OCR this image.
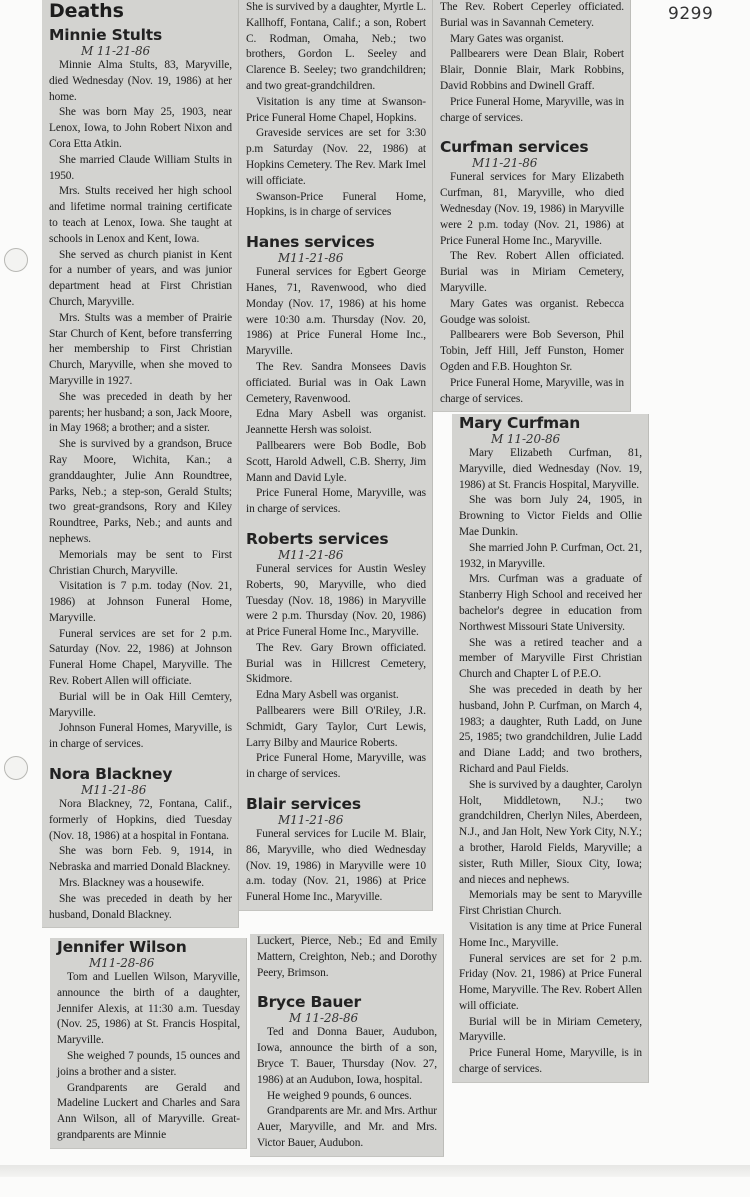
9299
Deaths
Minnie Stults
M 11-21-86

Minnie Alma Stults, 83, Maryville, died Wednesday (Nov. 19, 1986) at her home.

She was born May 25, 1903, near Lenox, Iowa, to John Robert Nixon and Cora Etta Atkin.

She married Claude William Stults in 1950.

Mrs. Stults received her high school and lifetime normal training certificate to teach at Lenox, Iowa. She taught at schools in Lenox and Kent, Iowa.

She served as church pianist in Kent for a number of years, and was junior department head at First Christian Church, Maryville.

Mrs. Stults was a member of Prairie Star Church of Kent, before transferring her membership to First Christian Church, Maryville, when she moved to Maryville in 1927.

She was preceded in death by her parents; her husband; a son, Jack Moore, in May 1968; a brother; and a sister.

She is survived by a grandson, Bruce Ray Moore, Wichita, Kan.; a granddaughter, Julie Ann Roundtree, Parks, Neb.; a step-son, Gerald Stults; two great-grandsons, Rory and Kiley Roundtree, Parks, Neb.; and aunts and nephews.

Memorials may be sent to First Christian Church, Maryville.

Visitation is 7 p.m. today (Nov. 21, 1986) at Johnson Funeral Home, Maryville.

Funeral services are set for 2 p.m. Saturday (Nov. 22, 1986) at Johnson Funeral Home Chapel, Maryville. The Rev. Robert Allen will officiate.

Burial will be in Oak Hill Cemtery, Maryville.

Johnson Funeral Homes, Maryville, is in charge of services.

Nora Blackney
M11-21-86

Nora Blackney, 72, Fontana, Calif., formerly of Hopkins, died Tuesday (Nov. 18, 1986) at a hospital in Fontana.

She was born Feb. 9, 1914, in Nebraska and married Donald Blackney.

Mrs. Blackney was a housewife.

She was preceded in death by her husband, Donald Blackney.

She is survived by a daughter, Myrtle L. Kallhoff, Fontana, Calif.; a son, Robert C. Rodman, Omaha, Neb.; two brothers, Gordon L. Seeley and Clarence B. Seeley; two grandchildren; and two great-grandchildren.

Visitation is any time at Swanson-Price Funeral Home Chapel, Hopkins.

Graveside services are set for 3:30 p.m Saturday (Nov. 22, 1986) at Hopkins Cemetery. The Rev. Mark Imel will officiate.

Swanson-Price Funeral Home, Hopkins, is in charge of services

Hanes services
M11-21-86

Funeral services for Egbert George Hanes, 71, Ravenwood, who died Monday (Nov. 17, 1986) at his home were 10:30 a.m. Thursday (Nov. 20, 1986) at Price Funeral Home Inc., Maryville.

The Rev. Sandra Monsees Davis officiated. Burial was in Oak Lawn Cemetery, Ravenwood.

Edna Mary Asbell was organist. Jeannette Hersh was soloist.

Pallbearers were Bob Bodle, Bob Scott, Harold Adwell, C.B. Sherry, Jim Mann and David Lyle.

Price Funeral Home, Maryville, was in charge of services.

Roberts services
M11-21-86

Funeral services for Austin Wesley Roberts, 90, Maryville, who died Tuesday (Nov. 18, 1986) in Maryville were 2 p.m. Thursday (Nov. 20, 1986) at Price Funeral Home Inc., Maryville.

The Rev. Gary Brown officiated. Burial was in Hillcrest Cemetery, Skidmore.

Edna Mary Asbell was organist.

Pallbearers were Bill O'Riley, J.R. Schmidt, Gary Taylor, Curt Lewis, Larry Bilby and Maurice Roberts.

Price Funeral Home, Maryville, was in charge of services.

Blair services
M11-21-86

Funeral services for Lucile M. Blair, 86, Maryville, who died Wednesday (Nov. 19, 1986) in Maryville were 10 a.m. today (Nov. 21, 1986) at Price Funeral Home Inc., Maryville.

The Rev. Robert Ceperley officiated. Burial was in Savannah Cemetery.

Mary Gates was organist.

Pallbearers were Dean Blair, Robert Blair, Donnie Blair, Mark Robbins, David Robbins and Dwinell Graff.

Price Funeral Home, Maryville, was in charge of services.

Curfman services
M11-21-86

Funeral services for Mary Elizabeth Curfman, 81, Maryville, who died Wednesday (Nov. 19, 1986) in Maryville were 2 p.m. today (Nov. 21, 1986) at Price Funeral Home Inc., Maryville.

The Rev. Robert Allen officiated. Burial was in Miriam Cemetery, Maryville.

Mary Gates was organist. Rebecca Goudge was soloist.

Pallbearers were Bob Severson, Phil Tobin, Jeff Hill, Jeff Funston, Homer Ogden and F.B. Houghton Sr.

Price Funeral Home, Maryville, was in charge of services.

Mary Curfman
M 11-20-86

Mary Elizabeth Curfman, 81, Maryville, died Wednesday (Nov. 19, 1986) at St. Francis Hospital, Maryville.

She was born July 24, 1905, in Browning to Victor Fields and Ollie Mae Dunkin.

She married John P. Curfman, Oct. 21, 1932, in Maryville.

Mrs. Curfman was a graduate of Stanberry High School and received her bachelor's degree in education from Northwest Missouri State University.

She was a retired teacher and a member of Maryville First Christian Church and Chapter L of P.E.O.

She was preceded in death by her husband, John P. Curfman, on March 4, 1983; a daughter, Ruth Ladd, on June 25, 1985; two grandchildren, Julie Ladd and Diane Ladd; and two brothers, Richard and Paul Fields.

She is survived by a daughter, Carolyn Holt, Middletown, N.J.; two grandchildren, Cherlyn Niles, Aberdeen, N.J., and Jan Holt, New York City, N.Y.; a brother, Harold Fields, Maryville; a sister, Ruth Miller, Sioux City, Iowa; and nieces and nephews.

Memorials may be sent to Maryville First Christian Church.

Visitation is any time at Price Funeral Home Inc., Maryville.

Funeral services are set for 2 p.m. Friday (Nov. 21, 1986) at Price Funeral Home, Maryville. The Rev. Robert Allen will officiate.

Burial will be in Miriam Cemetery, Maryville.

Price Funeral Home, Maryville, is in charge of services.

Jennifer Wilson
M11-28-86

Tom and Luellen Wilson, Maryville, announce the birth of a daughter, Jennifer Alexis, at 11:30 a.m. Tuesday (Nov. 25, 1986) at St. Francis Hospital, Maryville.

She weighed 7 pounds, 15 ounces and joins a brother and a sister.

Grandparents are Gerald and Madeline Luckert and Charles and Sara Ann Wilson, all of Maryville. Great-grandparents are Minnie

Luckert, Pierce, Neb.; Ed and Emily Mattern, Creighton, Neb.; and Dorothy Peery, Brimson.

Bryce Bauer
M 11-28-86

Ted and Donna Bauer, Audubon, Iowa, announce the birth of a son, Bryce T. Bauer, Thursday (Nov. 27, 1986) at an Audubon, Iowa, hospital.

He weighed 9 pounds, 6 ounces.

Grandparents are Mr. and Mrs. Arthur Auer, Maryville, and Mr. and Mrs. Victor Bauer, Audubon.
